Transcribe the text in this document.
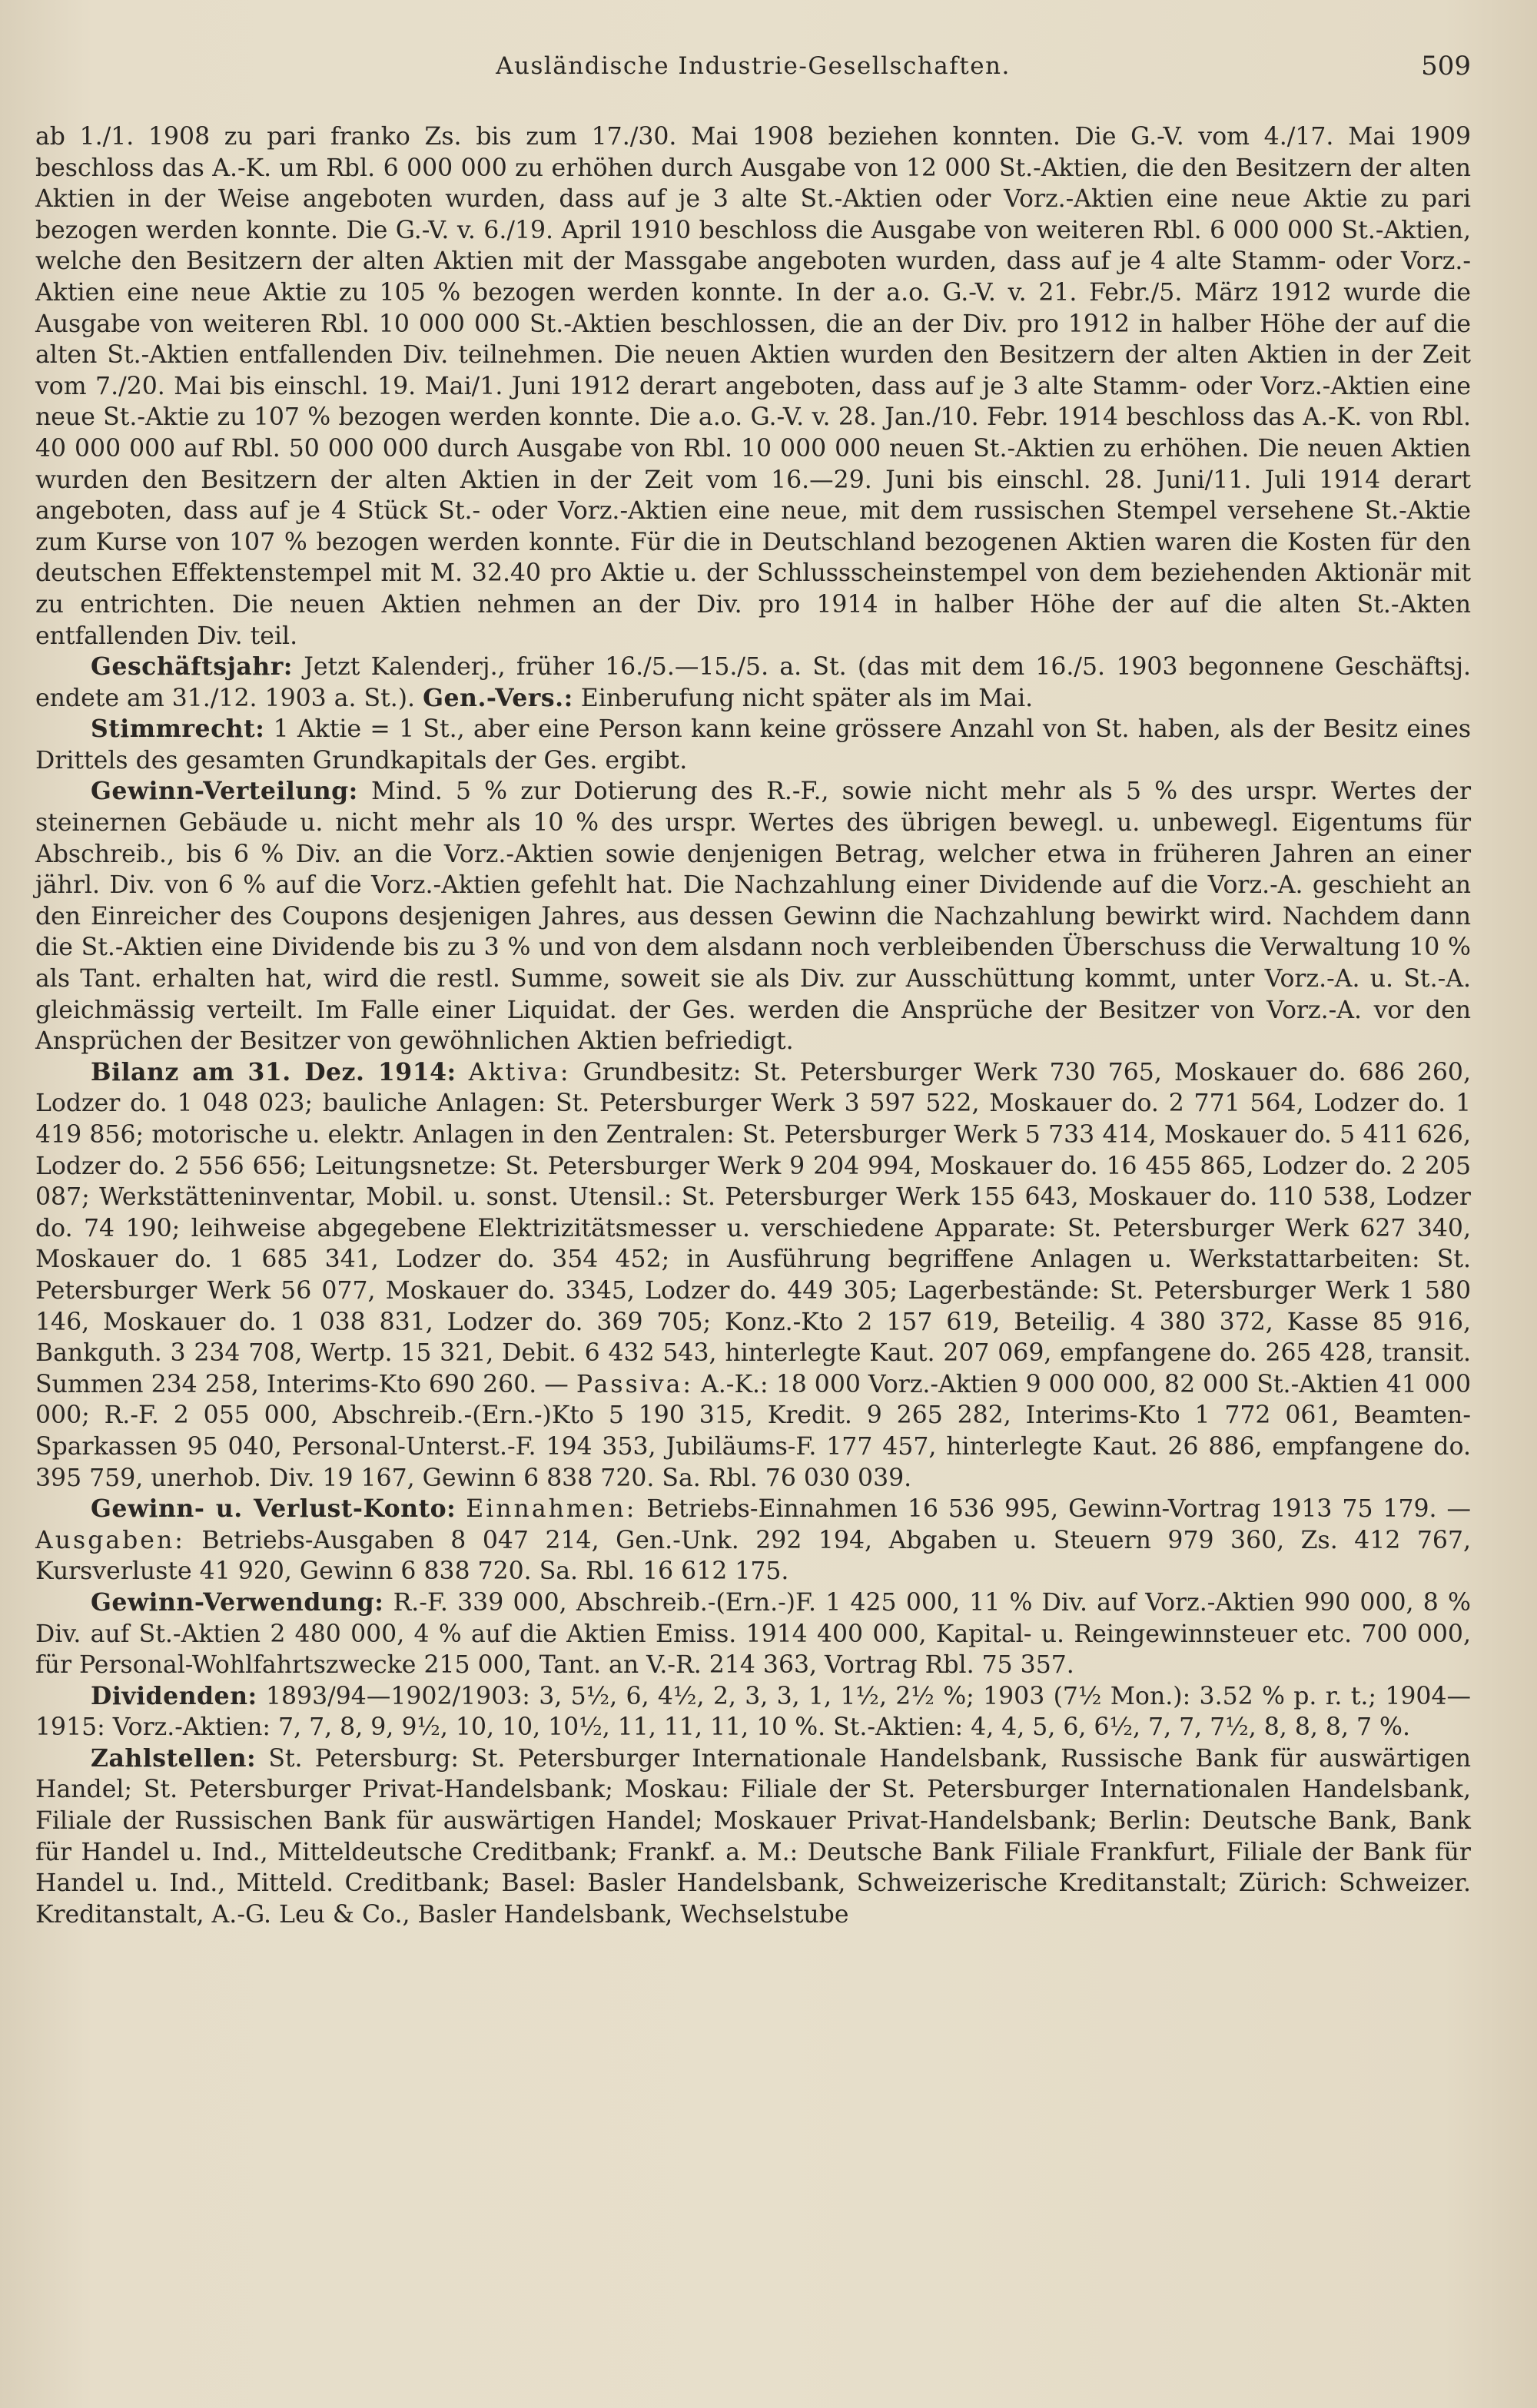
Ausländische Industrie-Gesellschaften.	509

ab 1./1. 1908 zu pari franko Zs. bis zum 17./30. Mai 1908 beziehen konnten. Die G.-V. vom 4./17. Mai 1909 beschloss das A.-K. um Rbl. 6 000 000 zu erhöhen durch Ausgabe von 12 000 St.-Aktien, die den Besitzern der alten Aktien in der Weise angeboten wurden, dass auf je 3 alte St.-Aktien oder Vorz.-Aktien eine neue Aktie zu pari bezogen werden konnte. Die G.-V. v. 6./19. April 1910 beschloss die Ausgabe von weiteren Rbl. 6 000 000 St.-Aktien, welche den Besitzern der alten Aktien mit der Massgabe angeboten wurden, dass auf je 4 alte Stamm- oder Vorz.-Aktien eine neue Aktie zu 105 % bezogen werden konnte. In der a.o. G.-V. v. 21. Febr./5. März 1912 wurde die Ausgabe von weiteren Rbl. 10 000 000 St.-Aktien beschlossen, die an der Div. pro 1912 in halber Höhe der auf die alten St.-Aktien entfallenden Div. teilnehmen. Die neuen Aktien wurden den Besitzern der alten Aktien in der Zeit vom 7./20. Mai bis einschl. 19. Mai/1. Juni 1912 derart angeboten, dass auf je 3 alte Stamm- oder Vorz.-Aktien eine neue St.-Aktie zu 107 % bezogen werden konnte. Die a.o. G.-V. v. 28. Jan./10. Febr. 1914 beschloss das A.-K. von Rbl. 40 000 000 auf Rbl. 50 000 000 durch Ausgabe von Rbl. 10 000 000 neuen St.-Aktien zu erhöhen. Die neuen Aktien wurden den Besitzern der alten Aktien in der Zeit vom 16.—29. Juni bis einschl. 28. Juni/11. Juli 1914 derart angeboten, dass auf je 4 Stück St.- oder Vorz.-Aktien eine neue, mit dem russischen Stempel versehene St.-Aktie zum Kurse von 107 % bezogen werden konnte. Für die in Deutschland bezogenen Aktien waren die Kosten für den deutschen Effektenstempel mit M. 32.40 pro Aktie u. der Schlussscheinstempel von dem beziehenden Aktionär mit zu entrichten. Die neuen Aktien nehmen an der Div. pro 1914 in halber Höhe der auf die alten St.-Akten entfallenden Div. teil.

Geschäftsjahr: Jetzt Kalenderj., früher 16./5.—15./5. a. St. (das mit dem 16./5. 1903 begonnene Geschäftsj. endete am 31./12. 1903 a. St.). Gen.-Vers.: Einberufung nicht später als im Mai.

Stimmrecht: 1 Aktie = 1 St., aber eine Person kann keine grössere Anzahl von St. haben, als der Besitz eines Drittels des gesamten Grundkapitals der Ges. ergibt.

Gewinn-Verteilung: Mind. 5 % zur Dotierung des R.-F., sowie nicht mehr als 5 % des urspr. Wertes der steinernen Gebäude u. nicht mehr als 10 % des urspr. Wertes des übrigen bewegl. u. unbewegl. Eigentums für Abschreib., bis 6 % Div. an die Vorz.-Aktien sowie denjenigen Betrag, welcher etwa in früheren Jahren an einer jährl. Div. von 6 % auf die Vorz.-Aktien gefehlt hat. Die Nachzahlung einer Dividende auf die Vorz.-A. geschieht an den Einreicher des Coupons desjenigen Jahres, aus dessen Gewinn die Nachzahlung bewirkt wird. Nachdem dann die St.-Aktien eine Dividende bis zu 3 % und von dem alsdann noch verbleibenden Überschuss die Verwaltung 10 % als Tant. erhalten hat, wird die restl. Summe, soweit sie als Div. zur Ausschüttung kommt, unter Vorz.-A. u. St.-A. gleichmässig verteilt. Im Falle einer Liquidat. der Ges. werden die Ansprüche der Besitzer von Vorz.-A. vor den Ansprüchen der Besitzer von gewöhnlichen Aktien befriedigt.

Bilanz am 31. Dez. 1914: Aktiva: Grundbesitz: St. Petersburger Werk 730 765, Moskauer do. 686 260, Lodzer do. 1 048 023; bauliche Anlagen: St. Petersburger Werk 3 597 522, Moskauer do. 2 771 564, Lodzer do. 1 419 856; motorische u. elektr. Anlagen in den Zentralen: St. Petersburger Werk 5 733 414, Moskauer do. 5 411 626, Lodzer do. 2 556 656; Leitungsnetze: St. Petersburger Werk 9 204 994, Moskauer do. 16 455 865, Lodzer do. 2 205 087; Werkstätteninventar, Mobil. u. sonst. Utensil.: St. Petersburger Werk 155 643, Moskauer do. 110 538, Lodzer do. 74 190; leihweise abgegebene Elektrizitätsmesser u. verschiedene Apparate: St. Petersburger Werk 627 340, Moskauer do. 1 685 341, Lodzer do. 354 452; in Ausführung begriffene Anlagen u. Werkstattarbeiten: St. Petersburger Werk 56 077, Moskauer do. 3345, Lodzer do. 449 305; Lagerbestände: St. Petersburger Werk 1 580 146, Moskauer do. 1 038 831, Lodzer do. 369 705; Konz.-Kto 2 157 619, Beteilig. 4 380 372, Kasse 85 916, Bankguth. 3 234 708, Wertp. 15 321, Debit. 6 432 543, hinterlegte Kaut. 207 069, empfangene do. 265 428, transit. Summen 234 258, Interims-Kto 690 260. — Passiva: A.-K.: 18 000 Vorz.-Aktien 9 000 000, 82 000 St.-Aktien 41 000 000; R.-F. 2 055 000, Abschreib.-(Ern.-)Kto 5 190 315, Kredit. 9 265 282, Interims-Kto 1 772 061, Beamten-Sparkassen 95 040, Personal-Unterst.-F. 194 353, Jubiläums-F. 177 457, hinterlegte Kaut. 26 886, empfangene do. 395 759, unerhob. Div. 19 167, Gewinn 6 838 720. Sa. Rbl. 76 030 039.

Gewinn- u. Verlust-Konto: Einnahmen: Betriebs-Einnahmen 16 536 995, Gewinn-Vortrag 1913 75 179. — Ausgaben: Betriebs-Ausgaben 8 047 214, Gen.-Unk. 292 194, Abgaben u. Steuern 979 360, Zs. 412 767, Kursverluste 41 920, Gewinn 6 838 720. Sa. Rbl. 16 612 175.

Gewinn-Verwendung: R.-F. 339 000, Abschreib.-(Ern.-)F. 1 425 000, 11 % Div. auf Vorz.-Aktien 990 000, 8 % Div. auf St.-Aktien 2 480 000, 4 % auf die Aktien Emiss. 1914 400 000, Kapital- u. Reingewinnsteuer etc. 700 000, für Personal-Wohlfahrtszwecke 215 000, Tant. an V.-R. 214 363, Vortrag Rbl. 75 357.

Dividenden: 1893/94—1902/1903: 3, 5½, 6, 4½, 2, 3, 3, 1, 1½, 2½ %; 1903 (7½ Mon.): 3.52 % p. r. t.; 1904—1915: Vorz.-Aktien: 7, 7, 8, 9, 9½, 10, 10, 10½, 11, 11, 11, 10 %. St.-Aktien: 4, 4, 5, 6, 6½, 7, 7, 7½, 8, 8, 8, 7 %.

Zahlstellen: St. Petersburg: St. Petersburger Internationale Handelsbank, Russische Bank für auswärtigen Handel; St. Petersburger Privat-Handelsbank; Moskau: Filiale der St. Petersburger Internationalen Handelsbank, Filiale der Russischen Bank für auswärtigen Handel; Moskauer Privat-Handelsbank; Berlin: Deutsche Bank, Bank für Handel u. Ind., Mitteldeutsche Creditbank; Frankf. a. M.: Deutsche Bank Filiale Frankfurt, Filiale der Bank für Handel u. Ind., Mitteld. Creditbank; Basel: Basler Handelsbank, Schweizerische Kreditanstalt; Zürich: Schweizer. Kreditanstalt, A.-G. Leu & Co., Basler Handelsbank, Wechselstube
